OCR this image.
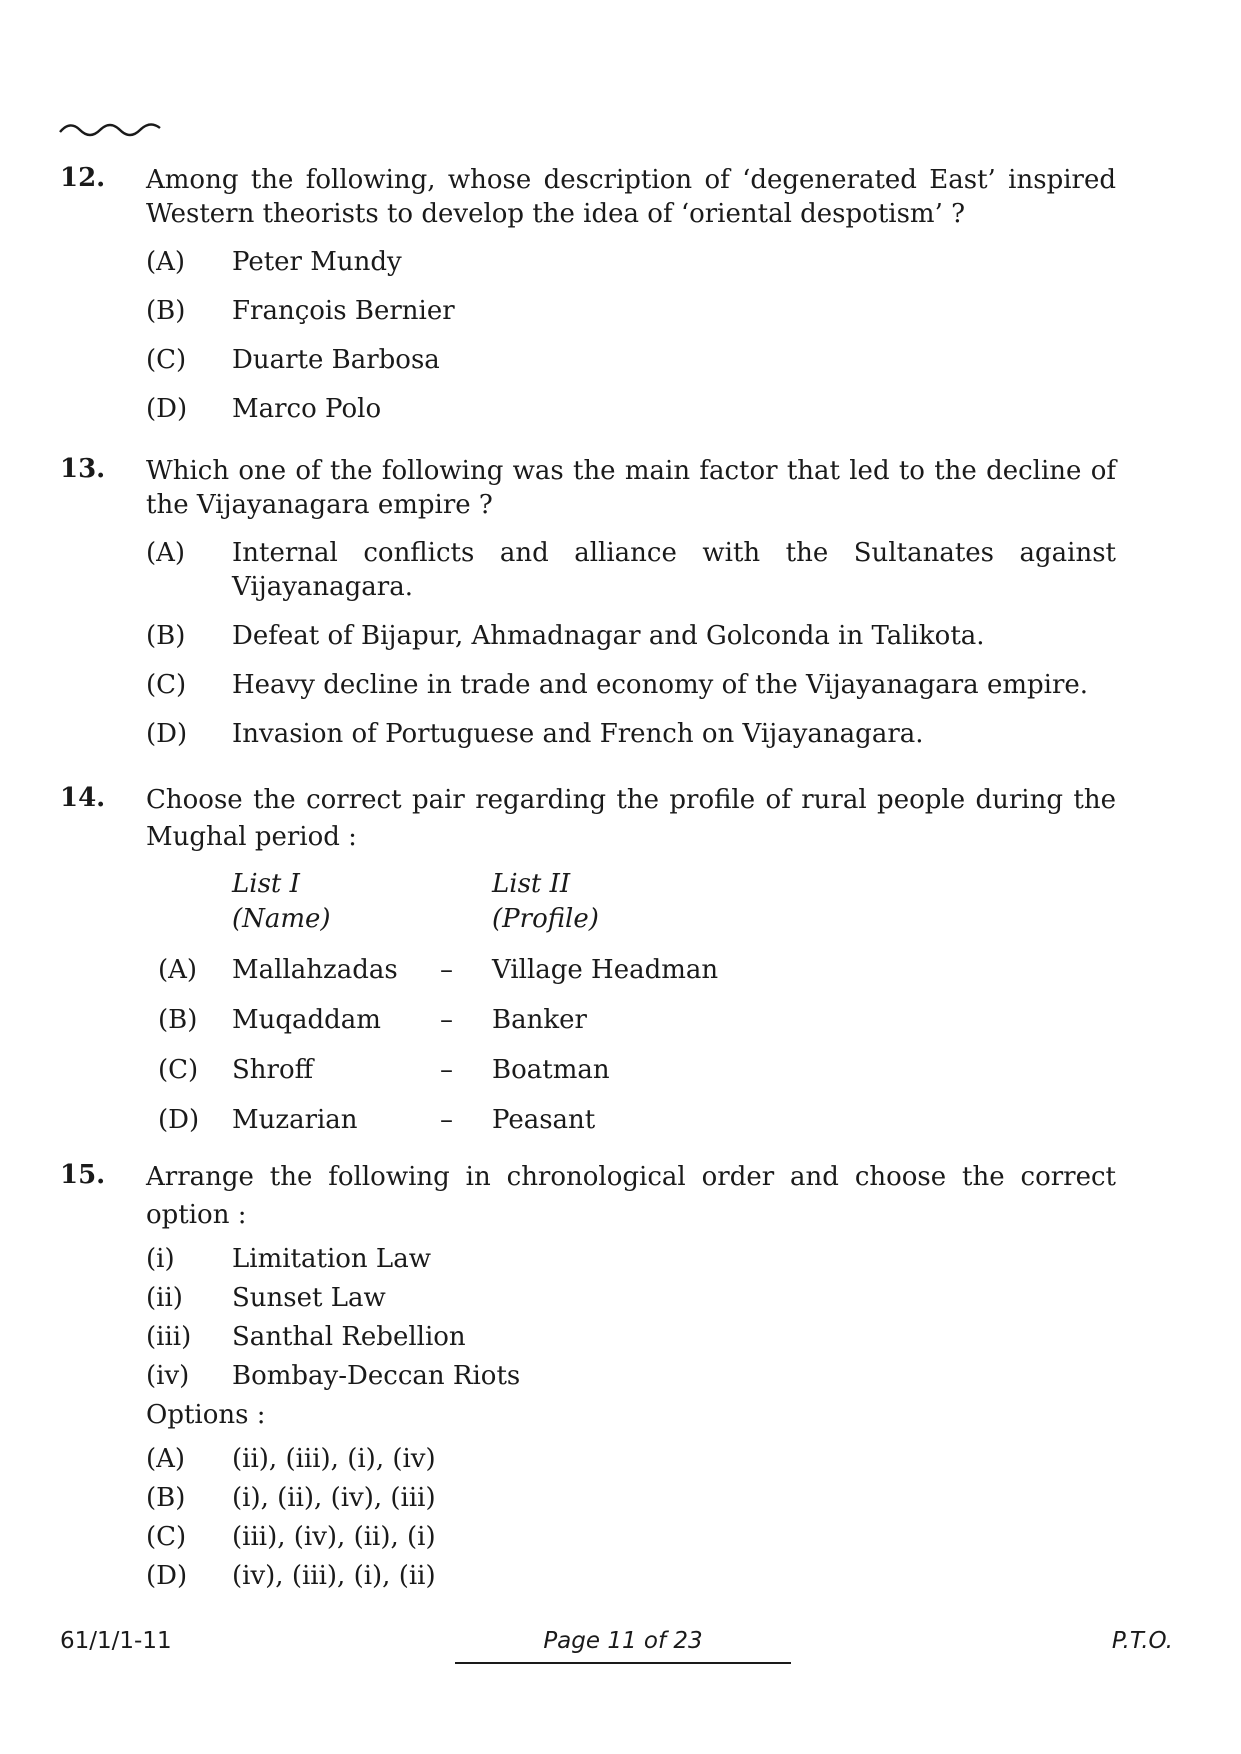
12. Among the following, whose description of ‘degenerated East’ inspired
Western theorists to develop the idea of ‘oriental despotism’ ?
(A) Peter Mundy
(B) François Bernier
(C) Duarte Barbosa
(D) Marco Polo
13. Which one of the following was the main factor that led to the decline of
the Vijayanagara empire ?
(A) Internal conflicts and alliance with the Sultanates against
Vijayanagara.
(B) Defeat of Bijapur, Ahmadnagar and Golconda in Talikota.
(C) Heavy decline in trade and economy of the Vijayanagara empire.
(D) Invasion of Portuguese and French on Vijayanagara.
14. Choose the correct pair regarding the profile of rural people during the
Mughal period :
List I
(Name)
List II
(Profile)
(A) Mallahzadas – Village Headman
(B) Muqaddam – Banker
(C) Shroff	– Boatman
(D) Muzarian	– Peasant
15. Arrange the following in chronological order and choose the correct
option :
(i) Limitation Law
(ii) Sunset Law
(iii) Santhal Rebellion
(iv) Bombay-Deccan Riots
Options :
(A) (ii), (iii), (i), (iv)
(B) (i), (ii), (iv), (iii)
(C) (iii), (iv), (ii), (i)
(D) (iv), (iii), (i), (ii)
61/1/1-11	Page 11 of 23	P.T.O.
